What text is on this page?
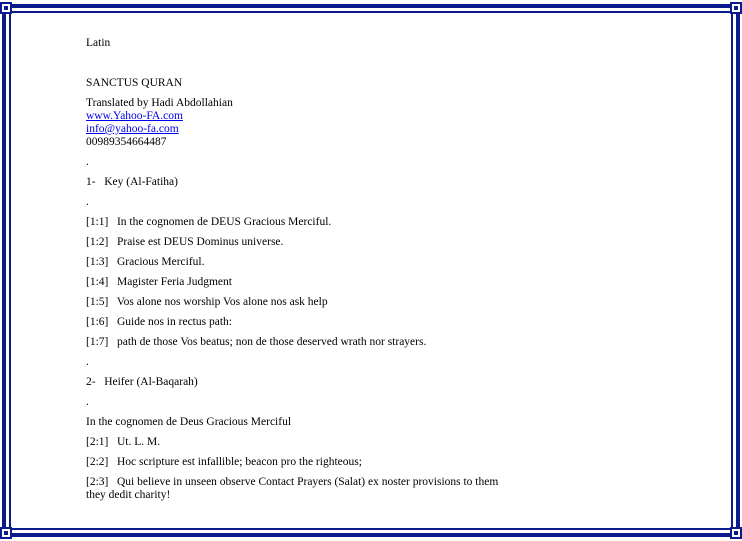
Latin

SANCTUS QURAN

Translated by Hadi Abdollahian

www.Yahoo-FA.com

info@yahoo-fa.com

00989354664487

.

1-   Key (Al-Fatiha)

.

[1:1]   In the cognomen de DEUS Gracious Merciful.

[1:2]   Praise est DEUS Dominus universe.

[1:3]   Gracious Merciful.

[1:4]   Magister Feria Judgment

[1:5]   Vos alone nos worship Vos alone nos ask help

[1:6]   Guide nos in rectus path:

[1:7]   path de those Vos beatus; non de those deserved wrath nor strayers.

.

2-   Heifer (Al-Baqarah)

.

In the cognomen de Deus Gracious Merciful

[2:1]   Ut. L. M.

[2:2]   Hoc scripture est infallible; beacon pro the righteous;

[2:3]   Qui believe in unseen observe Contact Prayers (Salat) ex noster provisions to them

they dedit charity!
